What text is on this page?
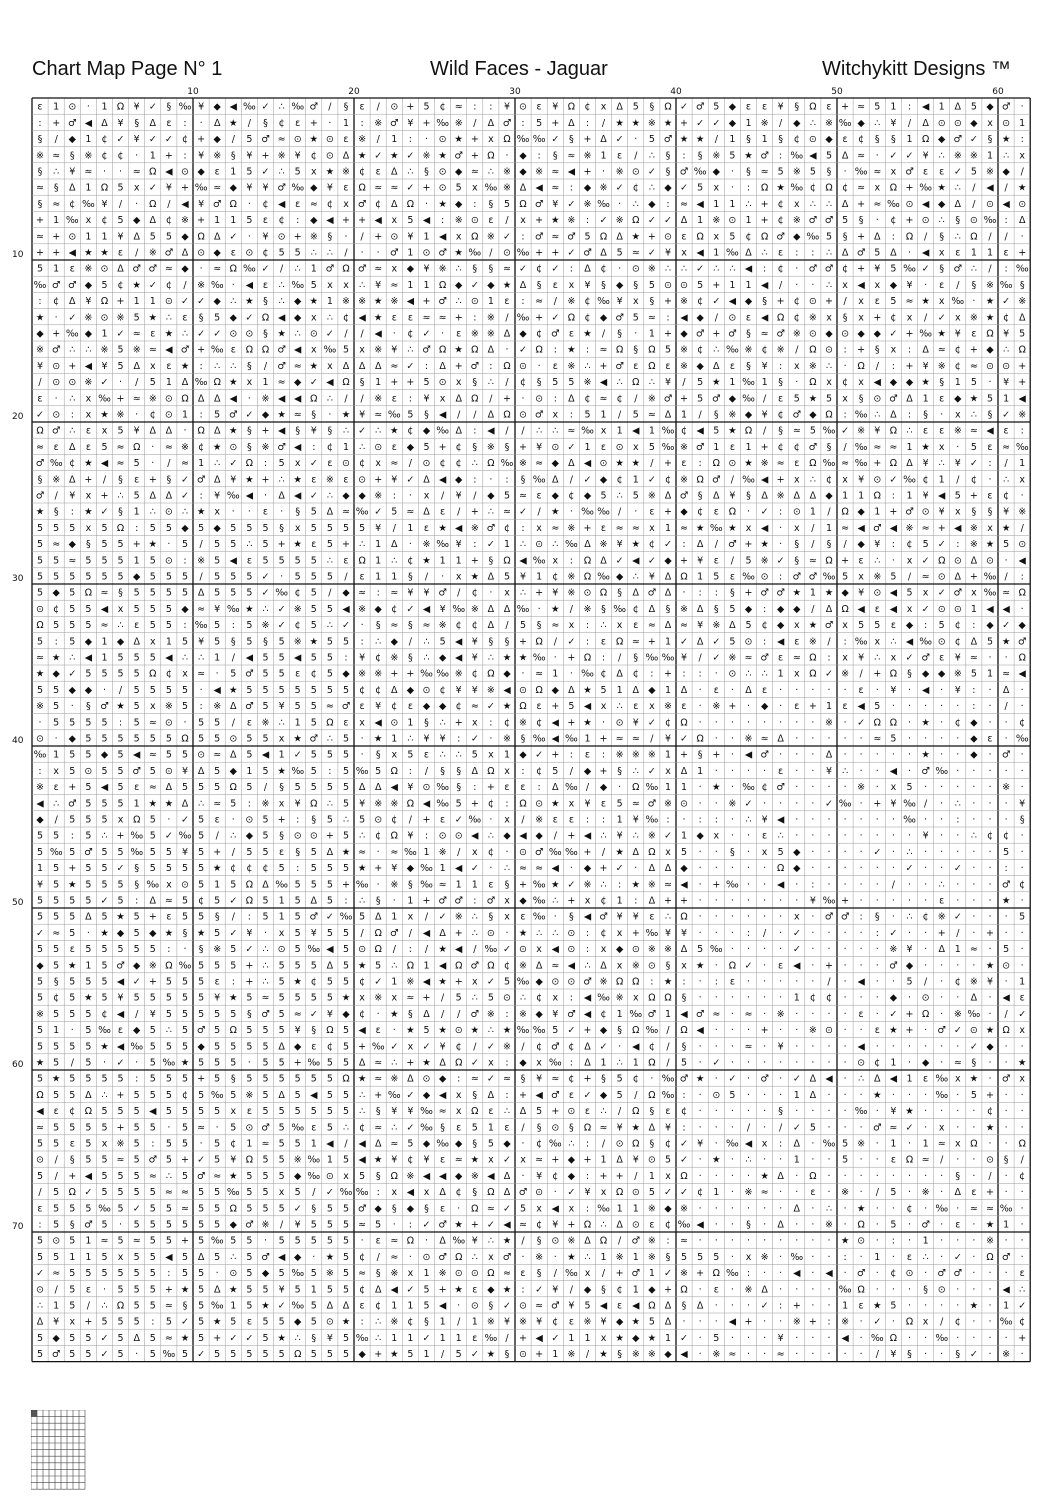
Chart Map Page N° 1	Wild Faces - Jaguar	Witchykitt Designs ™
ɛ 1 ⊙ · 1 Ω ¥ ✓ § ‰ ¥ ◆ ◀ ‰ ✓ ∴ ‰ ♂ / § ɛ / ⊙ + 5 ¢ ≈ : : ¥ ⊙ ɛ ¥ Ω ¢ x Δ 5 § Ω ✓ ♂ 5 ◆ ɛ ɛ ¥ § Ω ɛ + ≈ 5 1 : ◀ 1 Δ 5 ◆ ♂ ·
: + ♂ ◀ Δ ¥ § Δ ɛ : · Δ ★ / § ¢ ɛ + · 1 : ※ ♂ ¥ + ‰ ※ / Δ ♂ : 5 + Δ : / ★ ★ ※ ★ + ✓ ✓ ◆ 1 ※ / ◆ ∴ ※ ‰ ◆ ∴ ¥ / Δ ⊙ ⊙ ◆ x ⊙ 1
§ / ◆ 1 ¢ ✓ ¥ ✓ ✓ ¢ + ◆ / 5 ♂ ≈ ⊙ ★ ⊙ ɛ ※ / 1 : · ⊙ ★ + x Ω ‰ ‰ ✓ § + Δ ✓ · 5 ♂ ★ ★ / 1 § 1 § ¢ ⊙ ◆ ɛ ¢ § § 1 Ω ◆ ♂ ✓ § ★ :
※ ≈ § ※ ¢ ¢ · 1 + : ¥ ※ § ¥ + ※ ¥ ¢ ⊙ Δ ★ ✓ ★ ✓ ※ ★ ♂ + Ω · ◆ : § ≈ ※ 1 ɛ / ∴ § : § ※ 5 ★ ♂ : ‰ ◀ 5 Δ ≈ · ✓ ✓ ¥ ∴ ※ ※ 1 ∴ x
§ ∴ ¥ ≈ · · ≈ Ω ◀ ⊙ ◆ ɛ 1 5 ✓ ∴ 5 x ★ ※ ¢ ɛ Δ ∴ § ⊙ ◆ ≈ ∴ ※ ◆ ※ ≈ ◀ + · ※ ⊙ ✓ § ♂ ‰ ◆ · § ≈ 5 ※ 5 § · ‰ ≈ x ♂ ɛ ɛ ✓ 5 ※ ◆ /
≈ § Δ 1 Ω 5 x ✓ ¥ + ‰ ≈ ◆ ¥ ¥ ♂ ‰ ◆ ¥ ɛ Ω ≈ ≈ ✓ + ⊙ 5 x ‰ ※ Δ ◀ ≈ : ◆ ※ ✓ ¢ ∴ ◆ ✓ 5 x · : Ω ★ ‰ ¢ Ω ¢ ≈ x Ω + ‰ ★ ∴ / ◀ / ★
§ ≈ ¢ ‰ ¥ / · Ω / ◀ ¥ ♂ Ω · ¢ ◀ ɛ ≈ ¢ x ♂ ¢ Δ Ω · ★ ◆ : § 5 Ω ♂ ¥ ✓ ※ ‰ · ∴ ◆ : ≈ ◀ 1 1 ∴ + ¢ x ∴ ∴ Δ + ≈ ‰ ⊙ ◀ ◆ Δ / ⊙ ◀ ⊙
+ 1 ‰ x ¢ 5 ◆ Δ ¢ ※ + 1 1 5 ɛ ¢ : ◆ ◀ + + ◀ x 5 ◀ : ※ ⊙ ɛ / x + ★ ※ : ✓ ※ Ω ✓ ✓ Δ 1 ※ ⊙ 1 + ¢ ※ ♂ ♂ 5 § · ¢ + ⊙ ∴ § ⊙ ‰ : Δ
≈ + ⊙ 1 1 ¥ Δ 5 5 ◆ Ω Δ ✓ · ¥ ⊙ + ※ § · / + ⊙ ¥ 1 ◀ x Ω ※ ✓ : ♂ ≈ ♂ 5 Ω Δ ★ + ⊙ ɛ Ω x 5 ¢ Ω ♂ ◆ ‰ 5 § + Δ : Ω / § ∴ Ω / / ·
+ + ◀ ★ ★ ɛ / ※ ♂ Δ ⊙ ◆ ɛ ⊙ ¢ 5 5 ∴ ∴ / · · ♂ 1 ⊙ ♂ ★ ‰ / ⊙ ‰ + + ✓ ♂ Δ 5 ≈ ✓ ¥ x ◀ 1 ‰ Δ ∴ ɛ : : ∴ Δ ♂ 5 Δ · ◀ x ɛ 1 1 ɛ +
5 1 ɛ ※ ⊙ Δ ♂ ♂ ≈ ◆ · ≈ Ω ‰ ✓ / ∴ 1 ♂ Ω ♂ ≈ x ◆ ¥ ※ ∴ § § ≈ ✓ ¢ ✓ : Δ ¢ · ⊙ ※ ∴ ∴ ✓ ∴ ∴ ◀ : ¢ · ♂ ♂ ¢ + ¥ 5 ‰ ✓ § ♂ ∴ / : ‰
‰ ♂ ♂ ◆ 5 ¢ ★ ✓ ¢ / ※ ‰ · ◀ ɛ ∴ ‰ 5 x x ∴ ¥ ≈ 1 1 Ω ◆ ✓ ◆ ★ Δ § ɛ x ¥ § ◆ § 5 ⊙ ⊙ 5 + 1 1 ◀ / · · ∴ x ◀ x ◆ ¥ · ɛ / § ※ ‰ §
: ¢ Δ ¥ Ω + 1 1 ⊙ ✓ ✓ ◆ ∴ ★ § ∴ ◆ ★ 1 ※ ※ ★ ※ ◀ + ♂ ∴ ⊙ 1 ɛ : ≈ / ※ ¢ ‰ ¥ x § + ※ ¢ ✓ ◀ ◆ § + ¢ ⊙ + / x ɛ 5 ≈ ★ x ‰ · ★ ✓ ※
★ · ✓ ※ ⊙ ※ 5 ★ ∴ ɛ § 5 ◆ ✓ Ω ◀ ◆ x ∴ ¢ ◀ ★ ɛ ɛ ≈ ≈ + : ※ / ‰ + ✓ Ω ¢ ◆ ♂ 5 ≈ : ◀ ◆ / ⊙ ɛ ◀ Ω ¢ ※ x § x + ¢ x / ✓ x ※ ★ ¢ Δ
◆ + ‰ ◆ 1 ✓ ≈ ɛ ★ ∴ ✓ ✓ ⊙ ⊙ § ★ ∴ ⊙ ✓ / / ◀ · ¢ ✓ · ɛ ※ ※ Δ ◆ ¢ ♂ ɛ ★ / § · 1 + ◆ ♂ + ♂ § ≈ ♂ ※ ⊙ ◆ ⊙ ◆ ◆ ✓ + ‰ ★ ¥ ɛ Ω ¥ 5
※ ♂ ∴ ∴ ※ 5 ※ ≈ ◀ ♂ + ‰ ɛ Ω Ω ♂ ◀ x ‰ 5 x ※ ¥ ∴ ♂ Ω ★ Ω Δ · ✓ Ω : ★ : ≈ Ω § Ω 5 ※ ¢ ∴ ‰ ※ ¢ ※ / Ω ⊙ : + § x : Δ ≈ ¢ + ◆ ∴ Ω
¥ ⊙ + ◀ ¥ 5 Δ x ɛ ★ : ∴ ∴ § / ♂ ≈ ★ x Δ Δ Δ ≈ ✓ : Δ + ♂ : Ω ⊙ · ɛ ※ ∴ + ♂ ɛ Ω ɛ ※ ◆ Δ ɛ § ¥ : x ※ ∴ · Ω / : + ¥ ※ ¢ ≈ ⊙ ⊙ +
/ ⊙ ⊙ ※ ✓ · / 5 1 Δ ‰ Ω ★ x 1 ≈ ◆ ✓ ◀ Ω § 1 + + 5 ⊙ x § ∴ / ¢ § 5 5 ※ ◀ ∴ Ω ∴ ¥ / 5 ★ 1 ‰ 1 § · Ω x ¢ x ◀ ◆ ◆ ★ § 1 5 · ¥ +
ɛ · ∴ x ‰ + ≈ ※ ⊙ Ω Δ Δ ◀ · ※ ◀ ◀ Ω ∴ / / ※ ɛ : ¥ x Δ Ω / + · ⊙ : Δ ¢ ≈ ¢ / ※ ♂ + 5 ♂ ◆ ‰ / ɛ 5 ★ 5 x § ⊙ ♂ Δ 1 ɛ ◆ ★ 5 1 ◀
✓ ⊙ : x ★ ※ · ¢ ⊙ 1 : 5 ♂ ✓ ◆ ★ ≈ § · ★ ¥ ≈ ‰ 5 § ◀ / / Δ Ω ⊙ ♂ x : 5 1 / 5 ≈ Δ 1 / § ※ ◆ ¥ ¢ ♂ ◆ Ω : ‰ ∴ Δ : § · x ∴ § ✓ ※
Ω ♂ ∴ ɛ x 5 ¥ Δ Δ · Ω Δ ★ § + ◀ § ¥ § ∴ ✓ ∴ ★ ¢ ◆ ‰ Δ : ◀ / / ∴ ∴ ≈ ‰ x 1 ◀ 1 ‰ ¢ ◀ 5 ★ Ω / § ≈ 5 ‰ ✓ ※ ¥ Ω ∴ ɛ ɛ ※ ≈ ◀ ɛ :
≈ ɛ Δ ɛ 5 ≈ Ω · ≈ ※ ¢ ★ ⊙ § ※ ♂ ◀ : ¢ 1 ∴ ⊙ ɛ ◆ 5 + ¢ § ※ § + ¥ ⊙ ✓ 1 ɛ ⊙ x 5 ‰ ※ ♂ 1 ɛ 1 + ¢ ¢ ♂ § / ‰ ≈ ≈ 1 ★ x · 5 ɛ ≈ ‰
♂ ‰ ¢ ★ ◀ ≈ 5 · / ≈ 1 ∴ ✓ Ω : 5 x ✓ ɛ ⊙ ¢ x ≈ / ⊙ ¢ ¢ ∴ Ω ‰ ※ ≈ ◆ Δ ◀ ⊙ ★ ★ / + ɛ : Ω ⊙ ★ ※ ≈ ɛ Ω ‰ ≈ ‰ + Ω Δ ¥ ∴ ¥ ✓ : / 1
§ ※ Δ + / § ɛ + § ✓ ♂ Δ ¥ ★ + ∴ ★ ɛ ※ ɛ ⊙ + ¥ ✓ Δ ◀ ◆ : · : § ‰ Δ / ✓ ◆ ¢ 1 ✓ ¢ ※ Ω ♂ / ‰ ◀ + x ∴ ¢ x ¥ ⊙ ✓ ‰ ¢ 1 / ¢ · ∴ x
♂ / ¥ x + ∴ 5 Δ Δ ✓ : ¥ ‰ ◀ · Δ ◀ ✓ ∴ ◆ ◆ ※ : · x / ¥ / ◆ 5 ≈ ɛ ◆ ¢ ◆ 5 ∴ 5 ※ Δ ♂ § Δ ¥ § Δ ※ Δ Δ ◆ 1 1 Ω : 1 ¥ ◀ 5 + ɛ ¢ ·
★ § : ★ ✓ § 1 ∴ ⊙ ∴ ★ x · · ɛ · § 5 Δ ≈ ‰ ✓ 5 ≈ Δ ɛ / + ∴ ≈ ✓ / ★ · ‰ ‰ / · ɛ + ◆ ¢ ɛ Ω · ✓ : ⊙ 1 / Ω ◆ 1 + ♂ ⊙ ¥ x § § ¥ ※
5 5 5 x 5 Ω : 5 5 ◆ 5 ◆ 5 5 5 § x 5 5 5 5 ¥ / 1 ɛ ★ ◀ ※ ♂ ¢ : x ≈ ※ + ɛ ≈ ≈ x 1 ≈ ★ ‰ ★ x ◀ · x / 1 ≈ ◀ ♂ ◀ ※ ≈ + ◀ ※ x ★ /
5 ≈ ◆ § 5 5 + ★ · 5 / 5 5 ∴ 5 + ★ ɛ 5 + ∴ 1 Δ · ※ ‰ ¥ : ✓ 1 ∴ ⊙ ∴ ‰ Δ ※ ¥ ★ ¢ ✓ : Δ / ♂ + ★ · § / § / ◆ ¥ : ¢ 5 ✓ : ※ ★ 5 ⊙
5 5 ≈ 5 5 5 1 5 ⊙ : ※ 5 ◀ ɛ 5 5 5 5 ∴ ɛ Ω 1 ∴ ¢ ★ 1 1 + § Ω ◀ ‰ x : Ω Δ ✓ ◀ ✓ ◆ + ¥ ɛ / 5 ※ ✓ § ≈ Ω + ɛ ∴ · x ✓ Ω ⊙ Δ ⊙ · ◀
5 5 5 5 5 5 ◆ 5 5 5 / 5 5 5 ✓ · 5 5 5 / ɛ 1 1 § / · x ★ Δ 5 ¥ 1 ¢ ※ Ω ‰ ◆ ∴ ¥ Δ Ω 1 5 ɛ ‰ ⊙ : ♂ ♂ ‰ 5 x ※ 5 / ≈ ⊙ Δ + ‰ / :
5 ◆ 5 Ω ≈ § 5 5 5 5 Δ 5 5 5 ✓ ‰ ¢ 5 / ◆ ≈ : ≈ ¥ ¥ ♂ / ¢ · x ∴ + ¥ ※ ⊙ Ω § Δ ♂ Δ · : : § + ♂ ♂ ★ 1 ★ ◆ ¥ ⊙ ◀ 5 x ✓ ♂ x ‰ ≈ Ω
⊙ ¢ 5 5 ◀ x 5 5 5 ◆ ≈ ¥ ‰ ★ ∴ ✓ ※ 5 5 ◀ ※ ◆ ¢ ✓ ◀ ¥ ‰ ※ Δ Δ ‰ · ★ / ※ § ‰ ¢ Δ § ※ Δ § 5 ◆ : ◆ ◆ / Δ Ω ◀ ɛ ◀ x ✓ ⊙ ⊙ 1 ◀ ◀ ·
Ω 5 5 5 ≈ ∴ ɛ 5 5 : ‰ 5 : 5 ※ ✓ ¢ 5 ∴ ✓ · § ≈ § ≈ ※ ¢ ¢ Δ / 5 § ≈ x : ∴ x ɛ ≈ Δ ≈ ¥ ※ Δ 5 ¢ ◆ x ★ ♂ x 5 5 ɛ ◆ : 5 ¢ : ◆ ✓ ◆
5 : 5 ◆ 1 ◆ Δ x 1 5 ¥ 5 § 5 § 5 ※ ★ 5 5 : ∴ ◆ / ∴ 5 ◀ ¥ § § + Ω / ✓ : ɛ Ω ≈ + 1 ✓ Δ ✓ 5 ⊙ : ◀ ɛ ※ / : ‰ x ∴ ◀ ‰ ⊙ ¢ Δ 5 ★ ♂
≈ ★ ∴ ◀ 1 5 5 5 ◀ ∴ ∴ 1 / ◀ 5 5 ◀ 5 5 : ¥ ¢ ※ § ∴ ◆ ◀ ¥ ∴ ★ ★ ‰ · + Ω : / § ‰ ‰ ¥ / ✓ ※ ≈ ♂ ɛ ≈ Ω : x ¥ ∴ x ✓ ♂ ɛ ¥ ≈ · · Ω
★ ◆ ✓ 5 5 5 5 Ω ¢ x ≈ · 5 ♂ 5 5 ɛ ¢ 5 ◆ ※ ※ + + ‰ ‰ ※ ¢ Ω ◆ · ≈ 1 · ‰ ¢ Δ ¢ : + : : · ⊙ ∴ ∴ 1 x Ω ✓ ※ / + Ω § ◆ ◆ ※ 5 1 ≈ ◀
5 5 ◆ ◆ · / 5 5 5 5 · ◀ ★ 5 5 5 5 5 5 5 ¢ ¢ Δ ◆ ⊙ ¢ ¥ ¥ ※ ◀ ⊙ Ω ◆ Δ ★ 5 1 Δ ◆ 1 Δ · ɛ · Δ ɛ · · · · · ɛ · ¥ · ◀ · ¥ : · Δ ·
※ 5 · § ♂ ★ 5 x ※ 5 : ※ Δ ♂ 5 ¥ 5 5 ≈ ♂ ɛ ¥ ¢ ɛ ◆ ◆ ¢ ≈ ✓ ★ Ω ɛ + 5 ◀ x ∴ ɛ x ※ ɛ · ※ + · ◆ · ɛ + 1 ɛ ◀ 5 · · · · · : · / ·
· 5 5 5 5 : 5 ≈ ⊙ · 5 5 / ɛ ※ ∴ 1 5 Ω ɛ x ◀ ⊙ 1 § ∴ + x : ¢ ※ ¢ ◀ + ★ · ⊙ ¥ ✓ ¢ Ω · · · · · · · · ※ · ✓ Ω Ω · ★ · ¢ ◆ · · ¢
⊙ · ◆ 5 5 5 5 5 5 Ω 5 5 ⊙ 5 5 x ★ ♂ ∴ 5 · ★ 1 ∴ ¥ ¥ : ✓ · ※ § ‰ ◀ ‰ 1 + ≈ ≈ / ¥ ✓ Ω · · ※ ≈ Δ · · · · · ≈ 5 · · · · ◆ ɛ · ‰
‰ 1 5 5 ◆ 5 ◀ ≈ 5 5 ⊙ ≈ Δ 5 ◀ 1 ✓ 5 5 5 · § x 5 ɛ ∴ ∴ 5 x 1 ◆ ✓ + : ɛ : ※ ※ ※ 1 + § + · ◀ ♂ · · · Δ · · · · · ★ · · ◆ · ♂ ·
: x 5 ⊙ 5 5 ♂ 5 ⊙ ¥ Δ 5 ◆ 1 5 ★ ‰ 5 : 5 ‰ 5 Ω : / § § Δ Ω x : ¢ 5 / ◆ + § ∴ ✓ x Δ 1 · · · · ɛ · · ¥ ∴ · · ◀ · ♂ ‰ · · · · ·
※ ɛ + 5 ◀ 5 ɛ ≈ Δ 5 5 5 Ω 5 / § 5 5 5 5 Δ Δ ◀ ¥ ⊙ ‰ § : + ɛ ɛ : Δ ‰ / ◆ · Ω ‰ 1 1 · ★ · ‰ ¢ ♂ · · · · ※ · x 5 · · · · · ※ ·
◀ ∴ ♂ 5 5 5 1 ★ ★ Δ ∴ ≈ 5 : ※ x ¥ Ω ∴ 5 ¥ ※ ※ Ω ◀ ‰ 5 + ¢ : Ω ⊙ ★ x ¥ ɛ 5 ≈ ♂ ※ ⊙ · · ※ ✓ · · · · ✓ ‰ · + ¥ ‰ / · ∴ · · · ¥
◆ / 5 5 5 x Ω 5 · ✓ 5 ɛ · ⊙ 5 + : § 5 ∴ 5 ⊙ ¢ / + ɛ ✓ ‰ · x / ※ ɛ ɛ : : 1 ¥ ‰ : · : : · ∴ ¥ ◀ · · · · · · · ‰ · · : · · · §
5 5 : 5 ∴ + ‰ 5 ✓ ‰ 5 / ∴ ◆ 5 § ⊙ ⊙ + 5 ∴ ¢ Ω ¥ : ⊙ ⊙ ◀ ∴ ◆ ◀ ◆ / + ◀ ∴ ¥ ∴ ※ ✓ 1 ◆ x · · ɛ ∴ · · · · · · · · ¥ · · ∴ ¢ ¢ ·
5 ‰ 5 ♂ 5 5 ‰ 5 5 ¥ 5 + / 5 5 ɛ § 5 Δ ★ ≈ · ≈ ‰ 1 ※ / x ¢ · ⊙ ♂ ‰ ‰ + / ★ Δ Ω x 5 · · § · x 5 ◆ · · · · ✓ · ∴ · · · · · 5 ·
1 5 + 5 5 ✓ § 5 5 5 5 ★ ¢ ¢ ¢ 5 : 5 5 5 ★ + ¥ ◆ ‰ 1 ◀ ✓ · ∴ ≈ ≈ ◀ · ◆ + ✓ · Δ Δ ◆ · · · · · Ω ◆ · · · · · · ✓ · · ✓ · · : ·
¥ 5 ★ 5 5 5 § ‰ x ⊙ 5 1 5 Ω Δ ‰ 5 5 5 + ‰ · ※ § ‰ ≈ 1 1 ɛ § + ‰ ★ ✓ ※ ∴ : ★ ※ ≈ ◀ · + ‰ · · ◀ · : · · · · / · · ∴ · · · ♂ ¢
5 5 5 5 ✓ 5 : Δ ≈ 5 ¢ 5 ✓ Ω 5 1 5 Δ 5 : ∴ § · 1 + ♂ ♂ : ♂ x ◆ ‰ ∴ + x ¢ 1 : Δ + + · · · · · · · ¥ ‰ + · · · · · ɛ · · · ★ ·
5 5 5 Δ 5 ★ 5 + ɛ 5 5 § / : 5 1 5 ♂ ✓ ‰ 5 Δ 1 x / ✓ ※ ∴ § x ɛ ‰ · § ◀ ♂ ¥ ¥ ɛ ∴ Ω · · · · · · x · ♂ ♂ : § · ∴ ¢ ※ ✓ · · · 5
✓ ≈ 5 · ★ ◆ 5 ◆ ★ § ★ 5 ✓ ¥ · x 5 ¥ 5 5 / Ω ♂ / ◀ Δ + ∴ ⊙ · ★ ∴ ∴ ⊙ : ¢ x + ‰ ¥ ¥ · · · : / · ✓ · · · · : ✓ · · + / · + · ·
5 5 ɛ 5 5 5 5 5 : · § ※ 5 ✓ ∴ ⊙ 5 ‰ ◀ 5 ⊙ Ω / : / ★ ◀ / ‰ ✓ ⊙ x ◀ ⊙ : x ◆ ⊙ ※ ※ Δ 5 ‰ · · · · ✓ · · · · · ※ ¥ · Δ 1 ≈ · 5 ·
◆ 5 ★ 1 5 ♂ ◆ ※ Ω ‰ 5 5 5 + ∴ 5 5 5 Δ 5 ★ 5 ∴ Ω 1 ◀ Ω ♂ Ω ¢ ※ Δ ≈ ◀ ∴ Δ x ※ ⊙ § x ★ · Ω ✓ · ɛ ◀ · + · · · ♂ ◆ · · · · ★ ⊙ ·
5 § 5 5 5 ◀ ✓ + 5 5 5 ɛ : + ∴ 5 ★ ¢ 5 5 ¢ ✓ 1 ※ ◀ ★ + x ✓ 5 ‰ ◆ ⊙ ⊙ ♂ ※ Ω Ω : ★ : · : ɛ · · · · · / · ◀ · · 5 / · ¢ ※ ¥ · 1
5 ¢ 5 ★ 5 ¥ 5 5 5 5 5 ¥ ★ 5 ≈ 5 5 5 5 ★ x ※ x ≈ + / 5 ∴ 5 ⊙ ∴ ¢ x : ◀ ‰ ※ x Ω Ω § · · · · · · 1 ¢ ¢ · · · ◆ · ⊙ · · Δ · ◀ ɛ
※ 5 5 5 ¢ ◀ / ¥ 5 5 5 5 5 § ♂ 5 ≈ ✓ ¥ ◆ ¢ · ★ § Δ / / ♂ ※ : ※ ◆ ¥ ♂ ◀ ¢ 1 ‰ ♂ 1 ◀ ♂ ≈ · ≈ · ※ · · · · ɛ · ✓ + Ω · ※ ‰ · / ✓
5 1 · 5 ‰ ɛ ◆ 5 ∴ 5 ♂ 5 Ω 5 5 5 ¥ § Ω 5 ◀ ɛ · ★ 5 ★ ⊙ ★ ∴ ★ ‰ ‰ 5 ✓ + ◆ § Ω ‰ / Ω ◀ · · · + · · ※ ⊙ · · ɛ ★ + · ♂ ✓ ⊙ ★ Ω x
5 5 5 5 ★ ◀ ‰ 5 5 5 ◆ 5 5 5 5 Δ ◆ ɛ ¢ 5 + ‰ ✓ x ✓ ¥ ¢ / ✓ ※ / ¢ ♂ ¢ Δ ✓ · ◀ ¢ / § · · · ≈ · ¥ · · · · ◀ · · · · · · ✓ ◆ · ·
★ 5 / 5 · ✓ · 5 ‰ ★ 5 5 5 · 5 5 + ‰ 5 5 Δ ≈ ∴ + ★ Δ Ω ✓ x : ◆ x ‰ : Δ 1 ∴ 1 Ω / 5 · ✓ · · · · · · · · ⊙ ¢ 1 · ◆ · ≈ § · · ★
5 ★ 5 5 5 5 : 5 5 5 + 5 § 5 5 5 5 5 5 Ω ★ ≈ ※ Δ ⊙ ◆ : ≈ ✓ ≈ § ¥ ≈ ¢ + § 5 ¢ · ‰ ♂ ★ · ✓ · ♂ · ✓ Δ ◀ · ∴ Δ ◀ 1 ɛ ‰ x ★ · ♂ x
Ω 5 5 Δ ∴ + 5 5 5 ¢ 5 ‰ 5 ※ 5 Δ 5 ◀ 5 5 ∴ + ‰ ✓ ◆ ◀ x § Δ : + ◀ ♂ ɛ ✓ ◆ 5 / Ω ‰ : · ⊙ 5 · · · 1 Δ · · · ★ · · · ‰ · 5 + · ·
◀ ɛ ¢ Ω 5 5 5 ◀ 5 5 5 5 x ɛ 5 5 5 5 5 5 ∴ § ¥ ¥ ‰ ≈ x Ω ɛ ∴ Δ 5 + ⊙ ɛ ∴ / Ω § ɛ ¢ · · · · · § · · · · ‰ · ¥ ★ · · · · ¢ · ·
≈ 5 5 5 5 + 5 5 · 5 ≈ · 5 ⊙ ♂ 5 ‰ ɛ 5 ∴ ¢ ≈ ∴ ✓ ‰ § ɛ 5 1 ɛ / § ⊙ § Ω ≈ ¥ ★ Δ ¥ : · · · / · / ✓ 5 · · · ♂ ≈ ✓ · x · · ★ · ·
5 5 ɛ 5 x ※ 5 : 5 5 · 5 ¢ 1 ≈ 5 5 1 ◀ / ◀ Δ ≈ 5 ◆ ‰ ◆ § 5 ◆ · ¢ ‰ ∴ : / ⊙ Ω § ¢ ✓ ¥ · ‰ ◀ x : Δ · ‰ 5 ※ · 1 · 1 ≈ x Ω · · Ω
⊙ / § 5 5 ≈ 5 ♂ 5 + ✓ 5 ¥ Ω 5 5 ※ ‰ 1 5 ◀ ★ ¥ ¢ ¥ ɛ ≈ ★ x ✓ x ≈ + ◆ + 1 Δ ¥ ⊙ 5 ✓ · ★ · ∴ · · 1 · · 5 · · ɛ Ω ≈ / · · ⊙ § /
5 / + ◀ 5 5 5 ≈ ∴ 5 ♂ ≈ ★ 5 5 5 ◆ ‰ ⊙ x 5 § Ω ※ ◀ ◀ ◆ ※ ◀ Δ · ¥ ¢ ◆ : + + / 1 x Ω · · · · ★ Δ · Ω · · · · · · · · § · / · ¢
/ 5 Ω ✓ 5 5 5 5 ≈ ≈ 5 5 ‰ 5 5 x 5 / ✓ ‰ ‰ : x ◀ x Δ ¢ § Ω Δ ♂ ⊙ · ✓ ¥ x Ω ⊙ 5 ✓ ✓ ¢ 1 · ※ ≈ · · ɛ · ※ · / 5 · ※ · Δ ɛ + · ·
ɛ 5 5 5 ‰ 5 ✓ 5 5 ≈ 5 5 Ω 5 5 5 ✓ § 5 5 ♂ ◆ § ◆ § ɛ · Ω ≈ ✓ 5 x ◀ x : ‰ 1 1 ※ ◆ ※ · · · · · · Δ · ∴ · ★ · · ¢ · ‰ · ≈ ≈ ‰ ·
: 5 § ♂ 5 · 5 5 5 5 5 5 ◆ ♂ ※ / ¥ 5 5 5 ≈ 5 · : ✓ ♂ ★ + ✓ ◀ ≈ ¢ ¥ + Ω ∴ Δ ⊙ ɛ ¢ ‰ ◀ · · § · Δ · · ※ · Ω · 5 · ♂ · ɛ · ★ 1 ·
5 ⊙ 5 1 ≈ 5 ≈ 5 5 + 5 ‰ 5 5 · 5 5 5 5 5 · ɛ ≈ Ω · Δ ‰ ¥ ∴ ★ / § ⊙ ※ Δ Ω / ♂ ※ : ≈ · · · · · · · · · ★ ⊙ · : · 1 · · · ※ · ·
5 5 1 1 5 x 5 5 ◀ 5 Δ 5 ∴ 5 ♂ ◀ ◆ · ★ 5 ¢ / ≈ · ⊙ ♂ Ω ∴ x ♂ · ※ · ★ ∴ 1 ※ 1 ※ § 5 5 5 · x ※ · ‰ · · : · 1 · ɛ ∴ · ✓ · Ω ♂ ·
✓ ≈ 5 5 5 5 5 5 : 5 5 · ⊙ 5 ◆ 5 ‰ 5 ※ 5 ≈ § ※ x 1 ※ ⊙ ⊙ Ω ≈ ɛ § / ‰ x / + ♂ 1 ✓ ※ + Ω ‰ : · · ◀ · ◀ · ♂ · ¢ ⊙ · ♂ ♂ · · · ɛ
⊙ / 5 ɛ · 5 5 5 + ★ 5 Δ ★ 5 5 ¥ 5 1 5 5 ¢ Δ ◀ ✓ 5 + ★ ɛ ◆ ★ : ✓ ¥ / ◆ § ¢ 1 ◆ + Ω · ɛ · ※ Δ · · · · ‰ Ω · · · § ⊙ · · · ◀ ∴
∴ 1 5 / ∴ Ω 5 5 ≈ § 5 ‰ 1 5 ★ ✓ ‰ 5 Δ Δ ɛ ¢ 1 1 5 ◀ · ⊙ § ✓ ⊙ ≈ ♂ ¥ 5 ◀ ɛ ◀ Ω Δ § Δ · · · ✓ : + · · 1 ɛ ★ 5 · · · · ★ · 1 ✓
Δ ¥ x + 5 5 5 : 5 ✓ 5 ★ 5 ɛ 5 5 ◆ 5 ⊙ ★ : ∴ ※ ¢ § 1 / 1 ※ ¥ ※ ¥ ¢ ɛ ※ ¥ ◆ ★ 5 Δ · · · ◀ + · · ※ + : ※ · ✓ · Ω x / ¢ · · ‰ ¢
5 ◆ 5 5 ✓ 5 Δ 5 ≈ ★ 5 + ✓ ✓ 5 ★ ∴ § ¥ 5 ‰ ∴ 1 1 ✓ 1 1 ɛ ‰ / + ◀ ✓ 1 1 x ★ ◆ ★ 1 ✓ · 5 · · · ¥ · · · ◀ · ‰ Ω · · ‰ · · · · +
5 ♂ 5 5 ✓ 5 · 5 ‰ 5 ✓ 5 5 5 5 5 Ω 5 5 5 ◆ + ★ 5 1 / 5 ✓ ★ § ⊙ + 1 ※ / ★ § ※ ※ ◆ ◀ · ※ ≈ · · ≈ · · · · · / ¥ § · · § ✓ · ※ ·
10	20	30	40	50	60
10
20
30
40
50
60
70
